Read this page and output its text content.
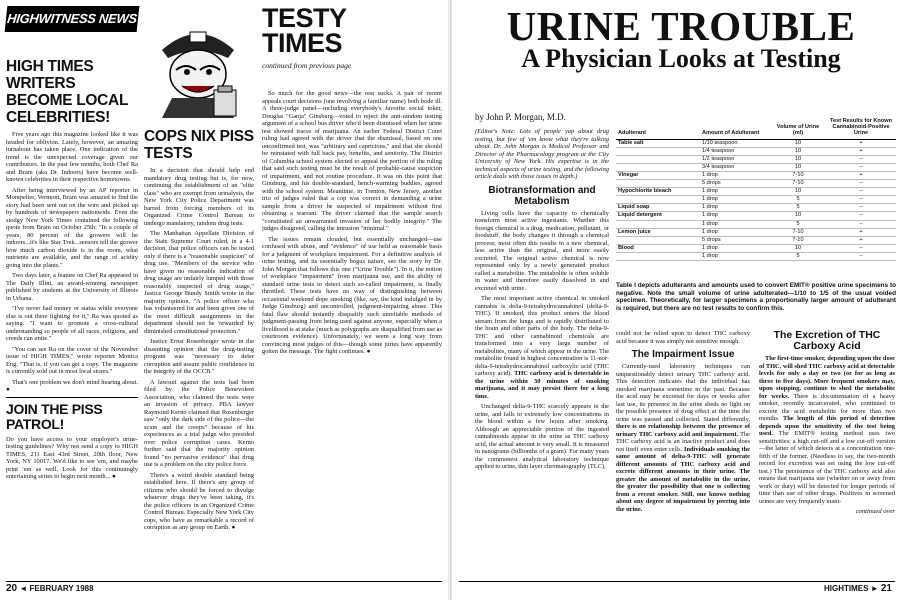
HIGHWITNESS NEWS
HIGH TIMES WRITERS BECOME LOCAL CELEBRITIES!

Five years ago this magazine looked like it was headed for oblivion. Lately, however, an amazing turnabout has taken place. One indication of the trend is the unexpected coverage given our contributors. In the past few months, both Chef Ra and Bram (aka Dr. Indoors) have become well-known celebrities in their respective hometowns.

After being interviewed by an AP reporter in Montpelier, Vermont, Bram was amazed to find the story had been sent out on the wire and picked up by hundreds of newspapers nationwide. Even the stodgy New York Times contained the following quote from Bram on October 25th: "In a couple of years, 80 percent of the growers will be indoors...it's like Star Trek...sensors tell the grower how much carbon dioxide is in the room, what nutrients are available, and the range of acidity going into the plants."

Two days later, a feature on Chef Ra appeared in The Daily Illini, an award-winning newspaper published by students at the University of Illinois in Urbana.

"I've never had money or status while everyone else is out there fighting for it," Ra was quoted as saying. "I want to promote a cross-cultural understanding so people of all races, religions, and creeds can unite."

"You can see Ra on the cover of the November issue of HIGH TIMES," wrote reporter Monica Eng. "That is, if you can get a copy. The magazine is currently sold out in most local stores."

That's one problem we don't mind hearing about. ●

JOIN THE PISS PATROL!

Do you have access to your employer's urine-testing guidelines? Why not send a copy to HIGH TIMES, 211 East 43rd Street, 20th floor, New York, NY 10017. We'd like to see 'em, and maybe print 'em as well. Look for this continuingly entertaining series to begin next month... ●

COPS NIX PISS TESTS

In a decision that should help end mandatory drug testing but is, for now, continuing the establishment of an "elite class" who are exempt from urinalysis, the New York City Police Department was barred from forcing members of its Organized Crime Control Bureau to undergo mandatory, random drug tests.

The Manhattan Appellate Division of the State Supreme Court ruled, in a 4-1 decision, that police officers can be tested only if there is a "reasonable suspicion" of drug use. "Members of the service who have given no reasonable indication of drug usage are unfairly lumped with those reasonably suspected of drug usage," Justice George Bundy Smith wrote in the majority opinion. "A police officer who has volunteered for and been given one of the most difficult assignments in the department should not be 'rewarded' by diminished constitutional protection."

Justice Ernst Rosenberger wrote in the dissenting opinion that the drug-testing program was "necessary to deter corruption and assure public confidence in the integrity of the OCCB."

A lawsuit against the tests had been filed by the Police Benevolent Association, who claimed the tests were an invasion of privacy. PBA lawyer Raymond Kerno claimed that Rosenberger saw "only the dark side of the police—the scum and the creeps" because of his experiences as a trial judge who presided over police corruption cases. Kerno further said that the majority opinion found "no pervasive evidence" that drug use is a problem on the city police force.

There's a weird double standard being established here. If there's any group of citizens who should be forced to divulge whatever drugs they've been taking, it's the police officers in an Organized Crime Control Bureau. Especially New York City cops, who have as remarkable a record of corruption as any group on Earth. ●

TESTY
TIMES
continued from previous page

So much for the good news—the rest sucks. A pair of recent appeals court decisions (one involving a familiar name) both bode ill. A three-judge panel—including everybody's favorite social toker, Douglas "Ganja" Ginsburg—voted to reject the anti-random testing argument of a school bus driver who'd been dismissed when her urine test showed traces of marijuana. An earlier Federal District Court ruling had agreed with the driver that the dismissal, based on one unconfirmed test, was "arbitrary and capricious," and that she should be reinstated with full back pay, benefits, and seniority. The District of Columbia school system elected to appeal the portion of the ruling that said such testing must be the result of probable-cause suspicion of impairment, and not routine procedure. It was on this point that Ginsburg, and his double-standard, bench-warming buddies, agreed with the school system. Meantime, in Trenton, New Jersey, another trio of judges ruled that a cop was correct in demanding a urine sample from a driver he suspected of impairment without first obtaining a warrant. The driver claimed that the sample search "constituted an unwarranted invasion of her bodily integrity." The judges disagreed, calling the intrusion "minimal."

The issues remain clouded, but essentially unchanged—use confused with abuse, and "evidence" of use held as reasonable basis for a judgment of workplace impairment. For a definitive analysis of urine testing, and its essentially bogus nature, see the story by Dr. John Morgan that follows this one ("Urine Trouble"). In it, the notion of workplace "impairment" from marijuana use, and the ability of standard urine tests to detect such so-called impairment, is finally throttled. These tests have no way of distinguishing between occasional weekend dope smoking (like, say, the kind indulged in by Judge Ginsburg) and uncontrolled, judgment-impairing abuse. This fatal flaw should instantly disqualify such unreliable methods of judgment-passing from being used against anyone, especially when a livelihood is at stake (much as polygraphs are disqualified from use as courtroom evidence). Unfortunately, we seem a long way from convincing most judges of this—though some juries have apparently gotten the message. The fight continues. ●

20 ◄ FEBRUARY 1988
URINE TROUBLE
A Physician Looks at Testing
by John P. Morgan, M.D.

(Editor's Note: Lots of people yap about drug testing, but few of 'em know what they're talking about. Dr. John Morgan is Medical Professor and Director of the Pharmacology program at the City University of New York. His expertise is in the technical aspects of urine testing, and the following article deals with those issues in depth.)

Biotransformation and Metabolism

Living cells have the capacity to chemically transform most active ingestants. Whether this foreign chemical is a drug, medication, pollutant, or foodstuff, the body changes it through a chemical process; most often this results in a new chemical, less active than the original, and more easily excreted. The original active chemical is now represented only by a newly generated product called a metabolite. The metabolite is often soluble in water and therefore easily dissolved in and excreted with urine.

The most important active chemical in smoked cannabis is delta-9-tetrahydrocannabinol (delta-9-THC). If smoked, this product enters the blood stream from the lungs and is rapidly distributed to the brain and other parts of the body. The delta-9-THC and other cannabinoid chemicals are transformed into a very large number of metabolites, many of which appear in the urine. The metabolite found in highest concentration is 11-nor-delta-9-tetrahydrocannabinol carboxylic acid (THC carboxy acid). THC carboxy acid is detectable in the urine within 30 minutes of smoking marijuana, and it may persist there for a long time.

Unchanged delta-9-THC scarcely appears in the urine, and falls to extremely low concentrations in the blood within a few hours after smoking. Although an appreciable portion of the ingested cannabinoids appear in the urine as THC carboxy acid, the actual amount is very small. It is measured in nanograms (billionths of a gram). For many years the commonest analytical laboratory technique applied to urine, thin layer chromatography (TLC),

Adulterant	Amount of Adulterant	Volume of Urine (ml)	Test Results for Known Cannabinoid-Positive Urine
Table salt	1/10 teaspoon	10	+
	1/4 teaspoon	10	+
	1/2 teaspoon	10	–
	3/4 teaspoon	10	–
Vinegar	1 drop	7-10	+
	5 drops	7-10	–
Hypochlorite bleach	1 drop	10	–
	1 drop	5	–
Liquid soap	1 drop	5	–
Liquid detergent	1 drop	10	–
	1 drop	5	–
Lemon juice	1 drop	7-10	+
	5 drops	7-10	+
Blood	1 drop	10	–
	1 drop	5	–
Table I depicts adulterants and amounts used to convert EMIT® positive urine specimens to negative. Note the small volume of urine adulterated—1/10 to 1/5 of the usual voided specimen. Theoretically, for larger specimens a proportionally larger amount of adulterant is required, but there are no test results to confirm this.

could not be relied upon to detect THC carboxy acid because it was simply not sensitive enough.

The Impairment Issue

Currently-used laboratory techniques can unquestionably detect urinary THC carboxy acid. This detection indicates that the individual has smoked marijuana sometime in the past. Because the acid may be excreted for days or weeks after last use, its presence in the urine sheds no light on the possible presence of drug effect at the time the urine was passed and collected. Stated differently, there is no relationship between the presence of urinary THC carboxy acid and impairment. The THC carboxy acid is an inactive product and does not itself even enter cells. Individuals smoking the same amount of delta-9-THC will generate different amounts of THC carboxy acid and excrete different amounts in their urine. The greater the amount of metabolite in the urine, the greater the possibility that one is collecting from a recent smoker. Still, one knows nothing about any degree of impairment by peering into the urine.

The Excretion of THC Carboxy Acid

The first-time smoker, depending upon the dose of THC, will shed THC carboxy acid at detectable levels for only a day or two (or for as long as three to five days). More frequent smokers may, upon stopping, continue to shed the metabolite for weeks. There is documentation of a heavy smoker, recently incarcerated, who continued to excrete the acid metabolite for more than two months. The length of this period of detection depends upon the sensitivity of the test being used. The EMIT® testing method uses two sensitivities: a high cut-off and a low cut-off version—the latter of which detects at a concentration one-fifth of the former. (Needless to say, the two-month record for excretion was set using the low cut-off test.) The persistence of the THC carboxy acid also means that marijuana use (whether on or away from work or duty) will be detected for longer periods of time than use of other drugs. Positives in screened urines are very frequently mani-

continued over
HIGHTIMES ► 21
